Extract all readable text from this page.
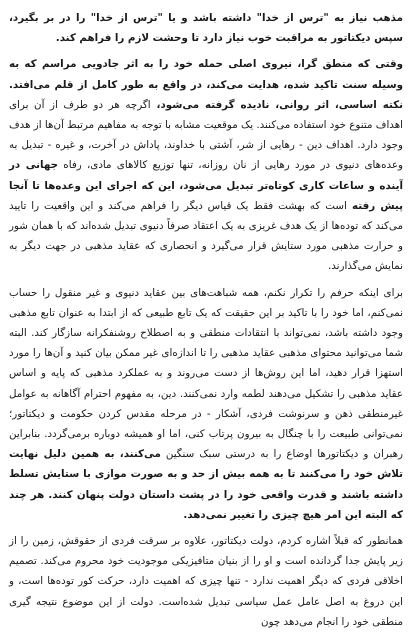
مذهب نیاز به "ترس از خدا" داشته باشد و یا "ترس از خدا" را در بر بگیرد، سپس دیکتاتور به مراقبت خوب نیاز دارد تا وحشت لازم را فراهم کند.

وقتی که منطق گرا، نیروی اصلی حمله خود را به اثر جادویی مراسم که به وسیله سنت تاکید شده، هدایت می‌کند، در واقع به طور کامل از قلم می‌افتد. نکته اساسی، اثر روانی، نادیده گرفته می‌شود، اگرچه هر دو طرف از آن برای اهداف متنوع خود استفاده می‌کنند. یک موقعیت مشابه با توجه به مفاهیم مرتبط آن‌ها از هدف وجود دارد. اهداف دین - رهایی از شر، آشتی با خداوند، پاداش در آخرت، و غیره - تبدیل به وعده‌های دنیوی در مورد رهایی از نان روزانه، تنها توزیع کالاهای مادی، رفاه جهانی در آینده و ساعات کاری کوتاه‌تر تبدیل می‌شود، این که اجرای این وعده‌ها تا آنجا پیش رفته است که بهشت فقط یک قیاس دیگر را فراهم می‌کند و این واقعیت را تایید می‌کند که توده‌ها از یک هدف غریزی به یک اعتقاد صرفاً دنیوی تبدیل شده‌اند که با همان شور و حرارت مذهبی مورد ستایش قرار می‌گیرد و انحصاری که عقاید مذهبی در جهت دیگر به نمایش می‌گذارند.
برای اینکه حرفم را تکرار نکنم، همه شباهت‌های بین عقاید دنیوی و غیر منقول را حساب نمی‌کنم، اما خود را با تاکید بر این حقیقت که یک تابع طبیعی که از ابتدا به عنوان تابع مذهبی وجود داشته باشد، نمی‌تواند با انتقادات منطقی و به اصطلاح روشنفکرانه سازگار کند. البته شما می‌توانید محتوای مذهبی عقاید مذهبی را تا اندازه‌ای غیر ممکن بیان کنید و آن‌ها را مورد استهزا قرار دهید، اما این روش‌ها از دست می‌روند و به عملکرد مذهبی که پایه و اساس عقاید مذهبی را تشکیل می‌دهند لطمه وارد نمی‌کنند. دین، به مفهوم احترام آگاهانه به عوامل غیرمنطقی ذهن و سرنوشت فردی، آشکار - در مرحله مقدس کردن حکومت و دیکتاتور؛ نمی‌توانی طبیعت را با چنگال به بیرون پرتاب کنی، اما او همیشه دوباره برمی‌گردد. بنابراین رهبران و دیکتاتورها اوضاع را به درستی سبک سنگین می‌کنند، به همین دلیل نهایت تلاش خود را می‌کنند تا به همه بیش از حد و به صورت موازی با ستایش تسلط داشته باشند و قدرت واقعی خود را در پشت داستان دولت پنهان کنند. هر چند که البته این امر هیچ چیزی را تغییر نمی‌دهد.
همانطور که قبلاً اشاره کردم، دولت دیکتاتور، علاوه بر سرقت فردی از حقوقش، زمین را از زیر پایش جدا گردانده است و او را از بنیان متافیزیکی موجودیت خود محروم می‌کند. تصمیم اخلاقی فردی که دیگر اهمیت ندارد - تنها چیزی که اهمیت دارد، حرکت کور توده‌ها است، و این دروغ به اصل عامل عمل سیاسی تبدیل شده‌است. دولت از این موضوع نتیجه گیری منطقی خود را انجام می‌دهد چون
